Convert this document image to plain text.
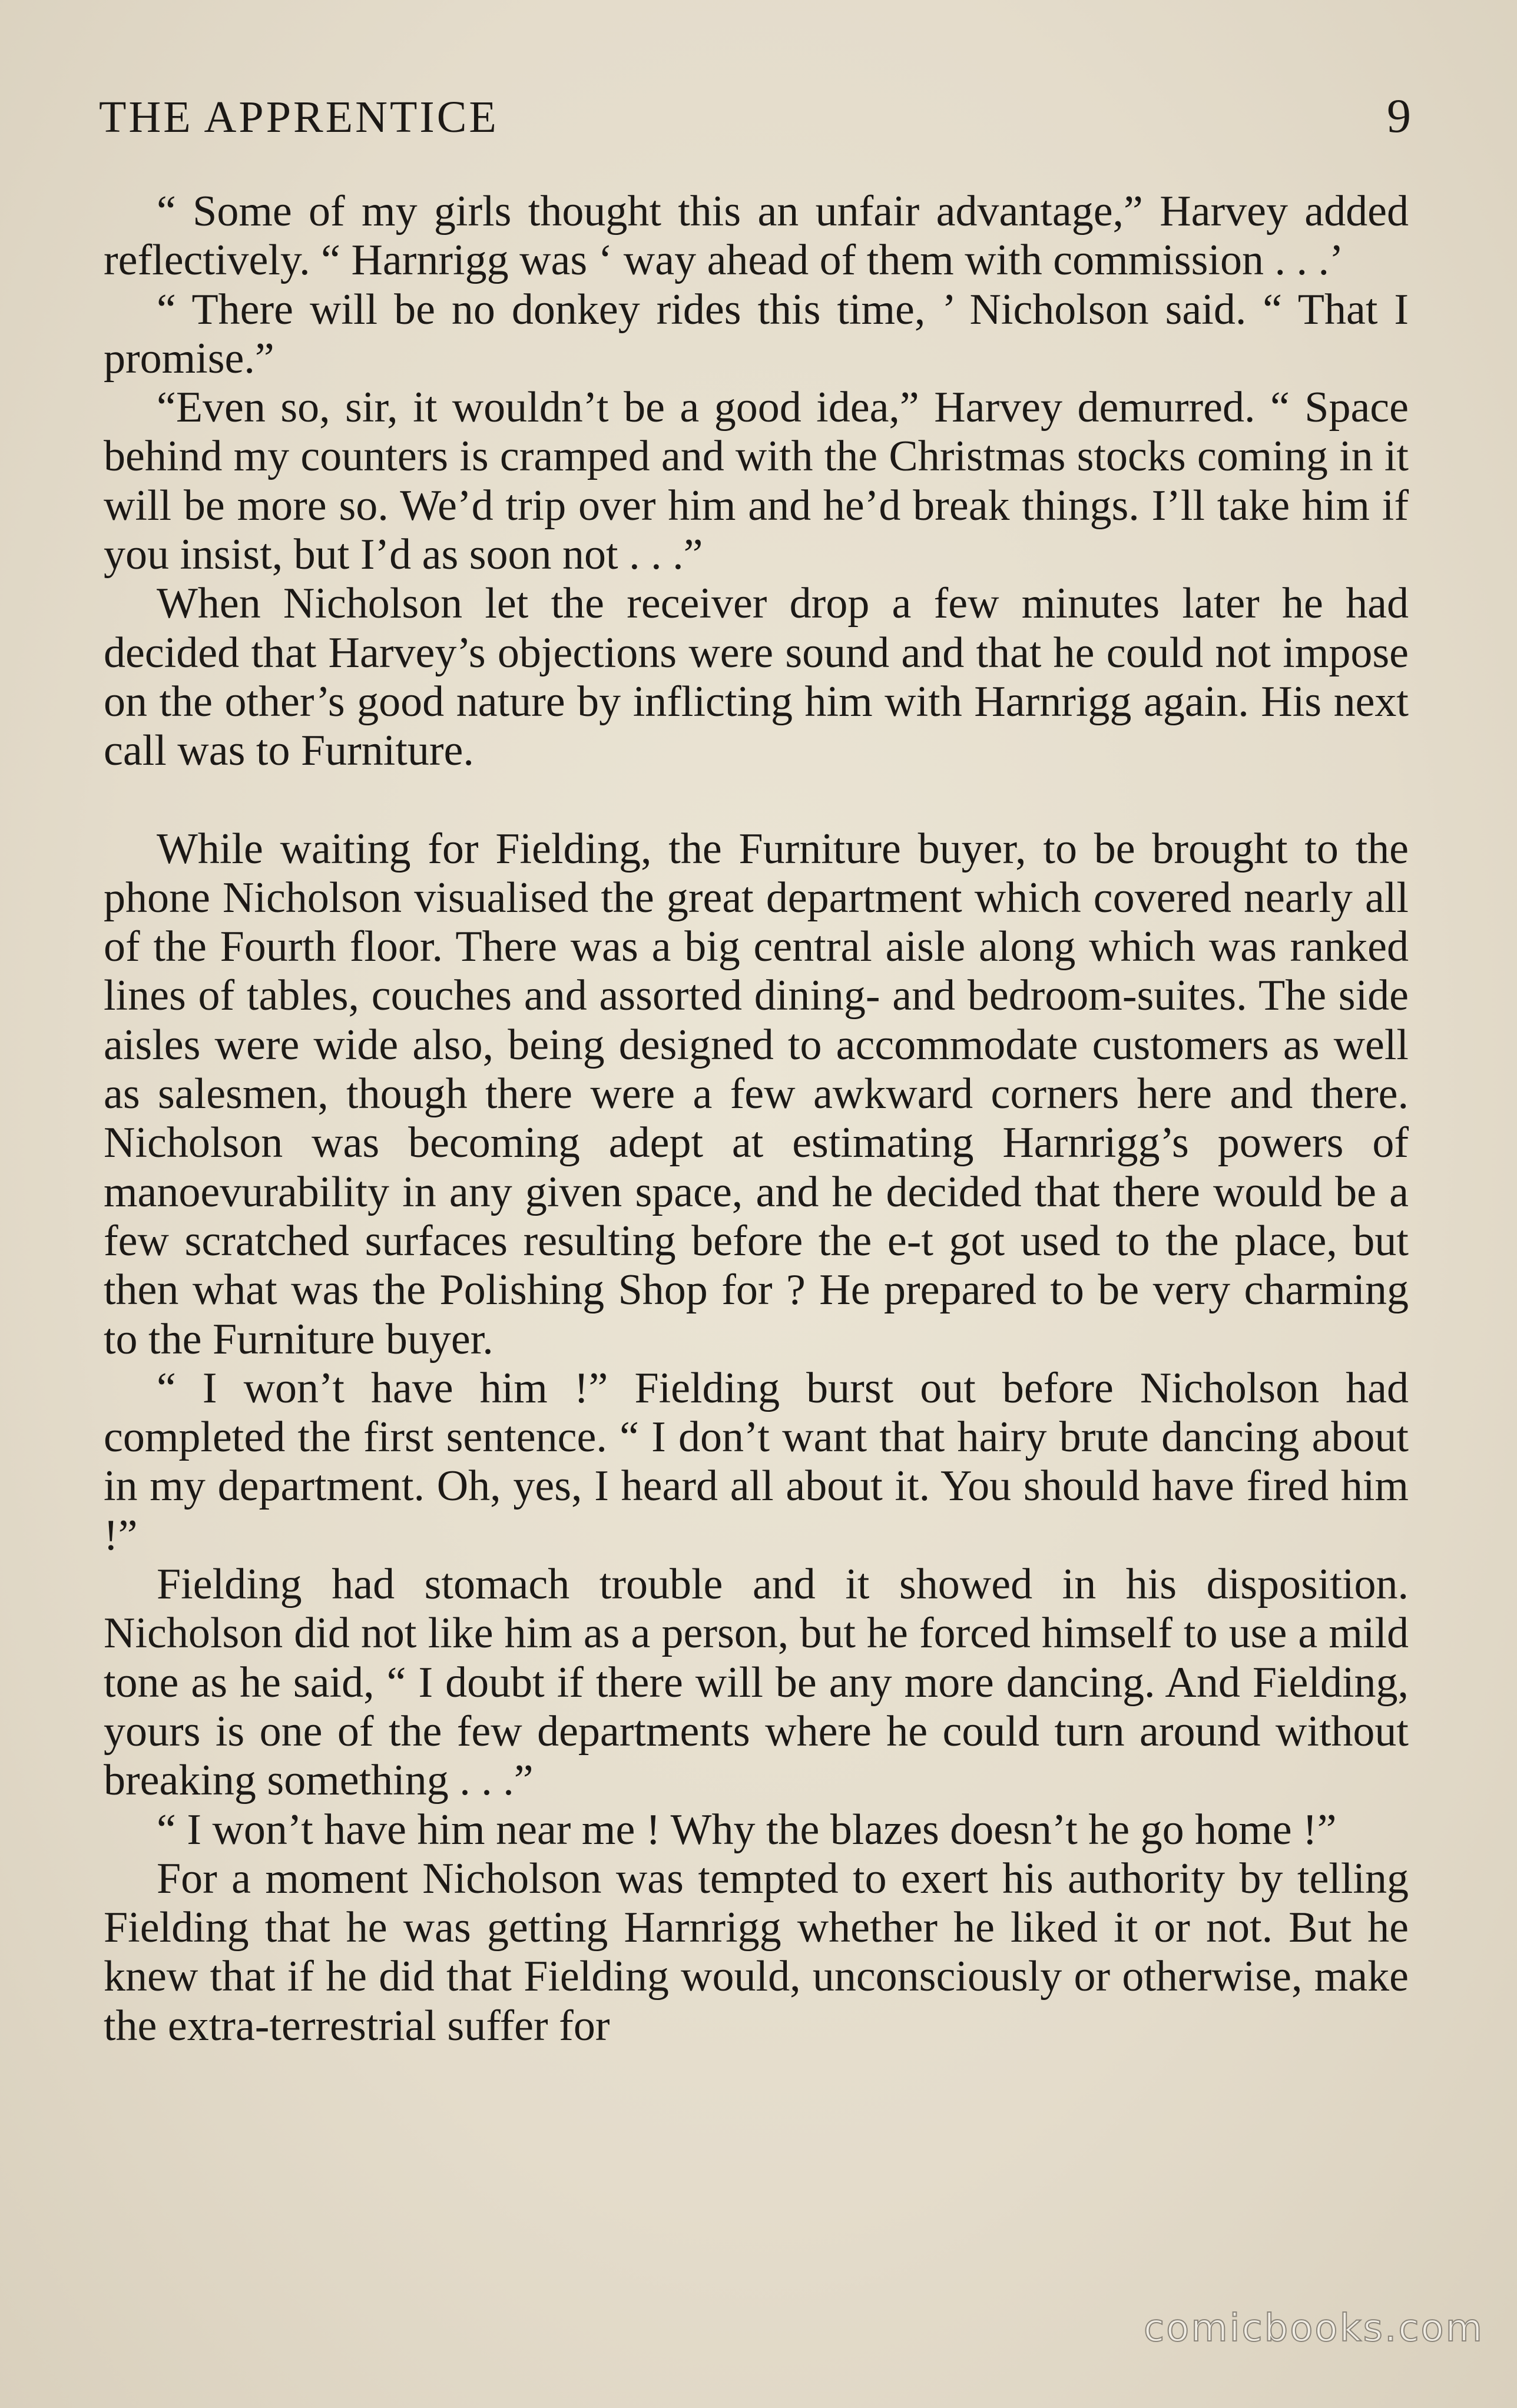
THE APPRENTICE	9

“ Some of my girls thought this an unfair advantage,” Harvey added reflectively. “ Harnrigg was ‘ way ahead of them with commission . . .’

“ There will be no donkey rides this time, ’ Nicholson said. “ That I promise.”

“Even so, sir, it wouldn’t be a good idea,” Harvey demurred. “ Space behind my counters is cramped and with the Christmas stocks coming in it will be more so. We’d trip over him and he’d break things. I’ll take him if you insist, but I’d as soon not . . .”

When Nicholson let the receiver drop a few minutes later he had decided that Harvey’s objections were sound and that he could not impose on the other’s good nature by inflicting him with Harnrigg again. His next call was to Furniture.

While waiting for Fielding, the Furniture buyer, to be brought to the phone Nicholson visualised the great department which covered nearly all of the Fourth floor. There was a big central aisle along which was ranked lines of tables, couches and assorted dining- and bedroom-suites. The side aisles were wide also, being designed to accommodate customers as well as salesmen, though there were a few awkward corners here and there. Nicholson was becoming adept at estimating Harnrigg’s powers of manoevurability in any given space, and he decided that there would be a few scratched surfaces resulting before the e-t got used to the place, but then what was the Polishing Shop for ? He prepared to be very charming to the Furniture buyer.

“ I won’t have him !” Fielding burst out before Nicholson had completed the first sentence. “ I don’t want that hairy brute dancing about in my department. Oh, yes, I heard all about it. You should have fired him !”

Fielding had stomach trouble and it showed in his disposition. Nicholson did not like him as a person, but he forced himself to use a mild tone as he said, “ I doubt if there will be any more dancing. And Fielding, yours is one of the few departments where he could turn around without breaking something . . .”

“ I won’t have him near me ! Why the blazes doesn’t he go home !”

For a moment Nicholson was tempted to exert his authority by telling Fielding that he was getting Harnrigg whether he liked it or not. But he knew that if he did that Fielding would, unconsciously or otherwise, make the extra-terrestrial suffer for

comicbooks.com
